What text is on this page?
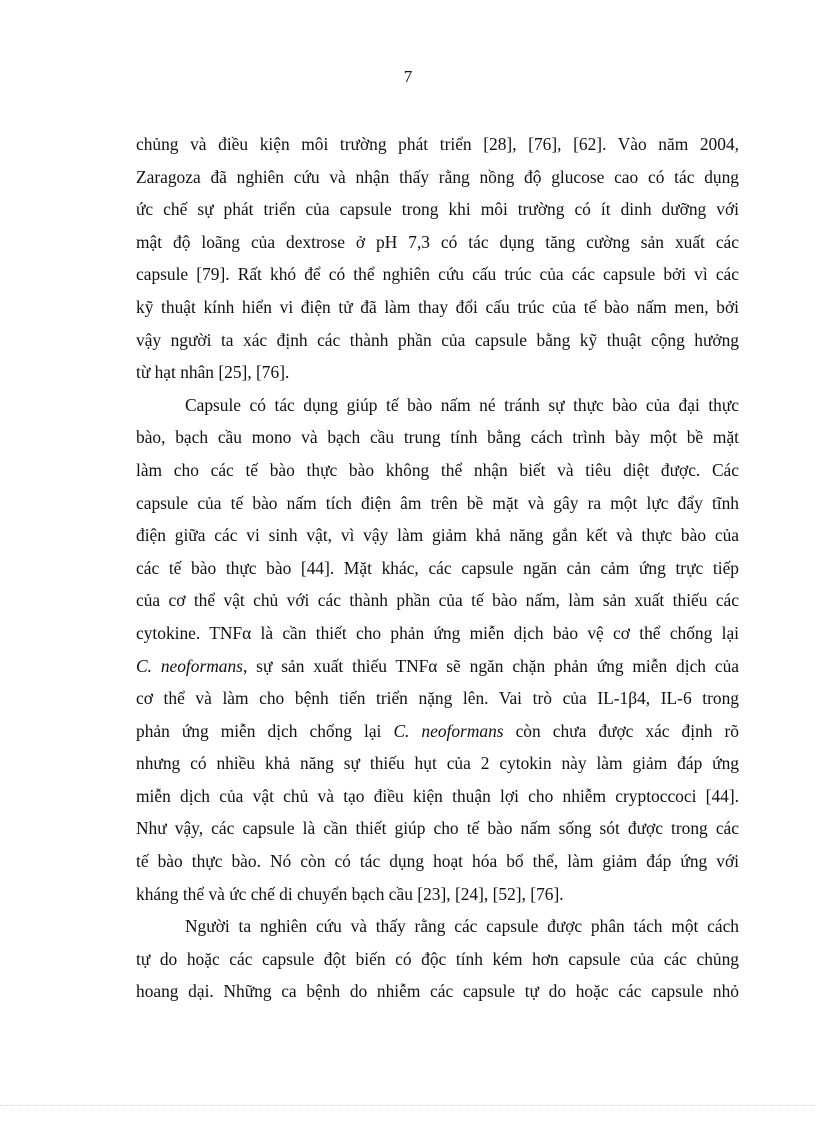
7
chủng và điều kiện môi trường phát triển [28], [76], [62]. Vào năm 2004,
Zaragoza đã nghiên cứu và nhận thấy rằng nồng độ glucose cao có tác dụng
ức chế sự phát triển của capsule trong khi môi trường có ít dinh dưỡng với
mật độ loãng của dextrose ở pH 7,3 có tác dụng tăng cường sản xuất các
capsule [79]. Rất khó để có thể nghiên cứu cấu trúc của các capsule bởi vì các
kỹ thuật kính hiển vi điện tử đã làm thay đổi cấu trúc của tế bào nấm men, bởi
vậy người ta xác định các thành phần của capsule bằng kỹ thuật cộng hưởng
từ hạt nhân [25], [76].
Capsule có tác dụng giúp tế bào nấm né tránh sự thực bào của đại thực
bào, bạch cầu mono và bạch cầu trung tính bằng cách trình bày một bề mặt
làm cho các tế bào thực bào không thể nhận biết và tiêu diệt được. Các
capsule của tế bào nấm tích điện âm trên bề mặt và gây ra một lực đẩy tĩnh
điện giữa các vi sinh vật, vì vậy làm giảm khả năng gắn kết và thực bào của
các tế bào thực bào [44]. Mặt khác, các capsule ngăn cản cảm ứng trực tiếp
của cơ thể vật chủ với các thành phần của tế bào nấm, làm sản xuất thiếu các
cytokine. TNFα là cần thiết cho phản ứng miễn dịch bảo vệ cơ thể chống lại
C. neoformans, sự sản xuất thiếu TNFα sẽ ngăn chặn phản ứng miễn dịch của
cơ thể và làm cho bệnh tiến triển nặng lên. Vai trò của IL-1β4, IL-6 trong
phản ứng miễn dịch chống lại C. neoformans còn chưa được xác định rõ
nhưng có nhiều khả năng sự thiếu hụt của 2 cytokin này làm giảm đáp ứng
miễn dịch của vật chủ và tạo điều kiện thuận lợi cho nhiễm cryptoccoci [44].
Như vậy, các capsule là cần thiết giúp cho tế bào nấm sống sót được trong các
tế bào thực bào. Nó còn có tác dụng hoạt hóa bổ thể, làm giảm đáp ứng với
kháng thể và ức chế di chuyển bạch cầu [23], [24], [52], [76].
Người ta nghiên cứu và thấy rằng các capsule được phân tách một cách
tự do hoặc các capsule đột biến có độc tính kém hơn capsule của các chủng
hoang dại. Những ca bệnh do nhiễm các capsule tự do hoặc các capsule nhỏ
